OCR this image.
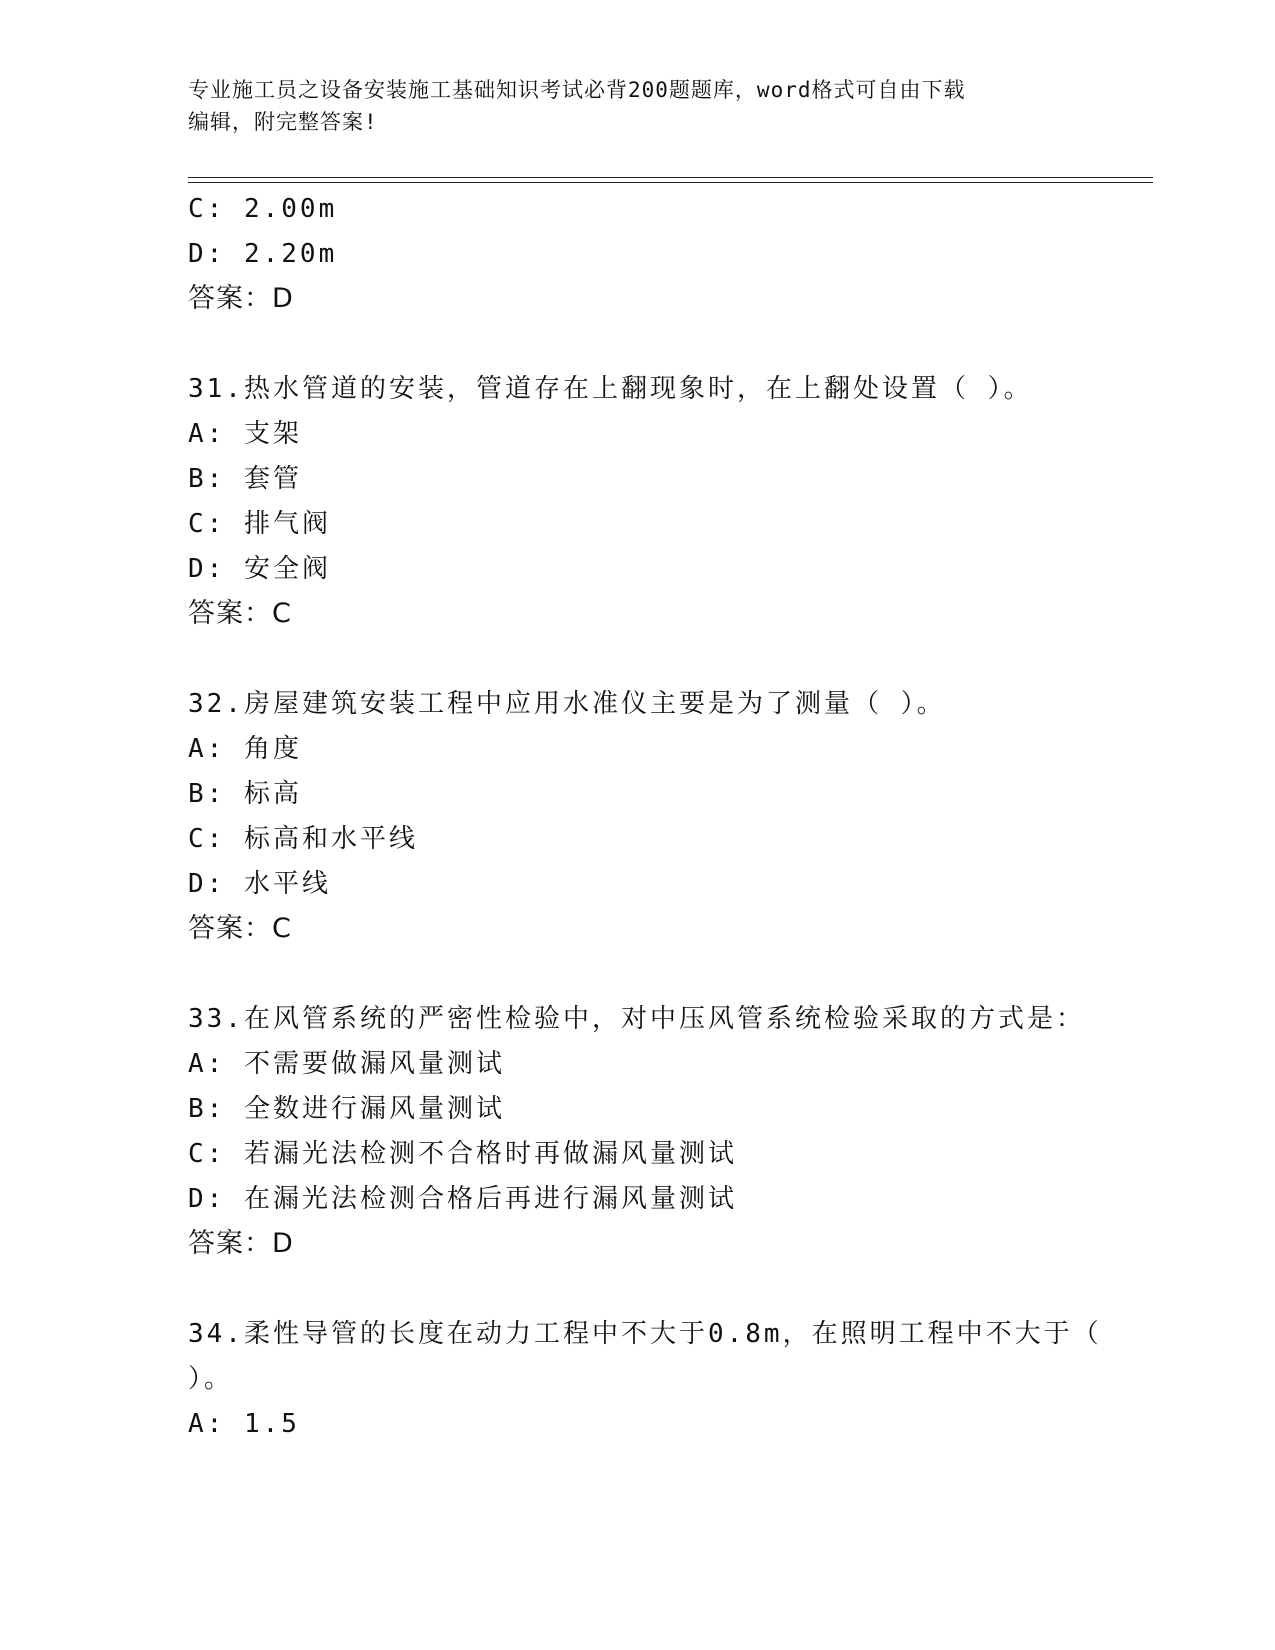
专业施工员之设备安装施工基础知识考试必背200题题库，word格式可自由下载
编辑，附完整答案!
C: 2.00m
D: 2.20m
答案：D
31.热水管道的安装，管道存在上翻现象时，在上翻处设置（ ）。
A: 支架
B: 套管
C: 排气阀
D: 安全阀
答案：C
32.房屋建筑安装工程中应用水准仪主要是为了测量（ ）。
A: 角度
B: 标高
C: 标高和水平线
D: 水平线
答案：C
33.在风管系统的严密性检验中，对中压风管系统检验采取的方式是：
A: 不需要做漏风量测试
B: 全数进行漏风量测试
C: 若漏光法检测不合格时再做漏风量测试
D: 在漏光法检测合格后再进行漏风量测试
答案：D
34.柔性导管的长度在动力工程中不大于0.8m，在照明工程中不大于（
）。
A: 1.5
